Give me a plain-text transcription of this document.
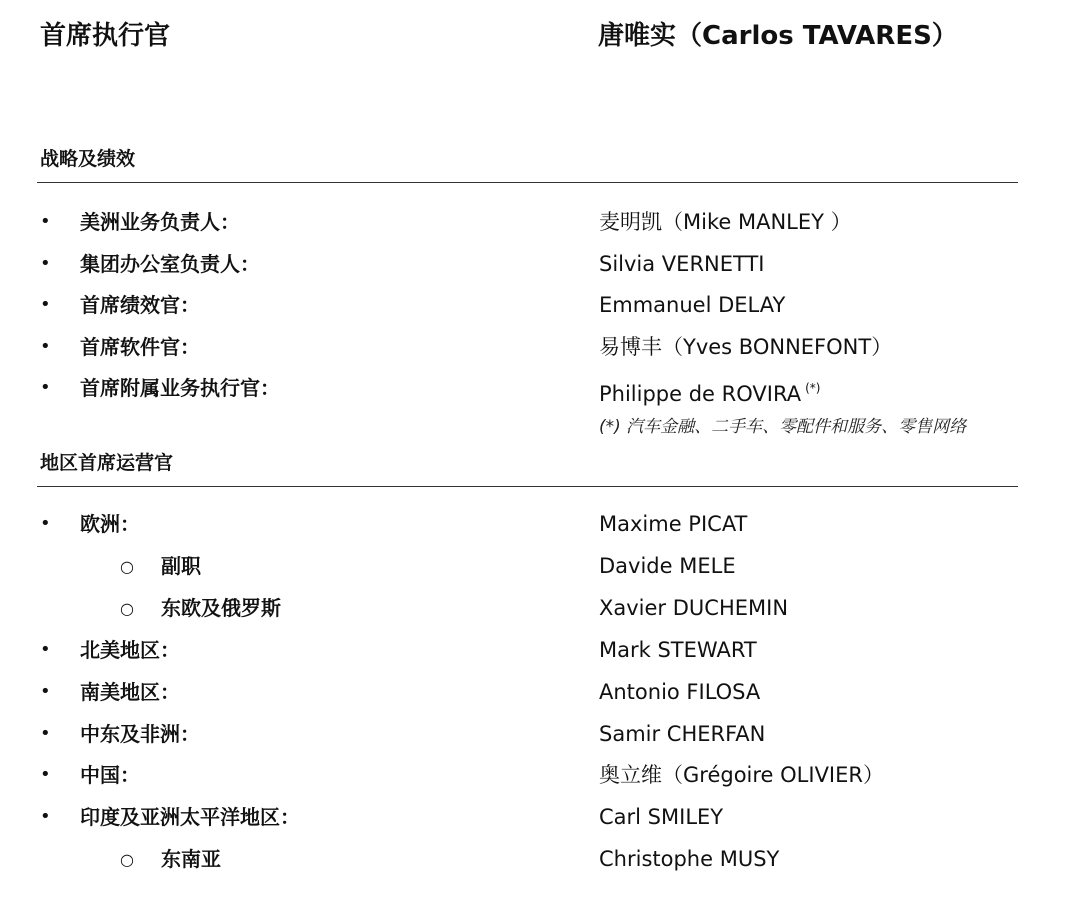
首席执行官	唐唯实（Carlos TAVARES）
战略及绩效
• 美洲业务负责人：	麦明凯（Mike MANLEY ）
• 集团办公室负责人：	Silvia VERNETTI
• 首席绩效官：	Emmanuel DELAY
• 首席软件官：	易博丰（Yves BONNEFONT）
• 首席附属业务执行官：	Philippe de ROVIRA (*)
(*) 汽车金融、二手车、零配件和服务、零售网络
地区首席运营官
• 欧洲：	Maxime PICAT
○ 副职	Davide MELE
○ 东欧及俄罗斯	Xavier DUCHEMIN
• 北美地区：	Mark STEWART
• 南美地区：	Antonio FILOSA
• 中东及非洲：	Samir CHERFAN
• 中国：	奥立维（Grégoire OLIVIER）
• 印度及亚洲太平洋地区：	Carl SMILEY
○ 东南亚	Christophe MUSY
